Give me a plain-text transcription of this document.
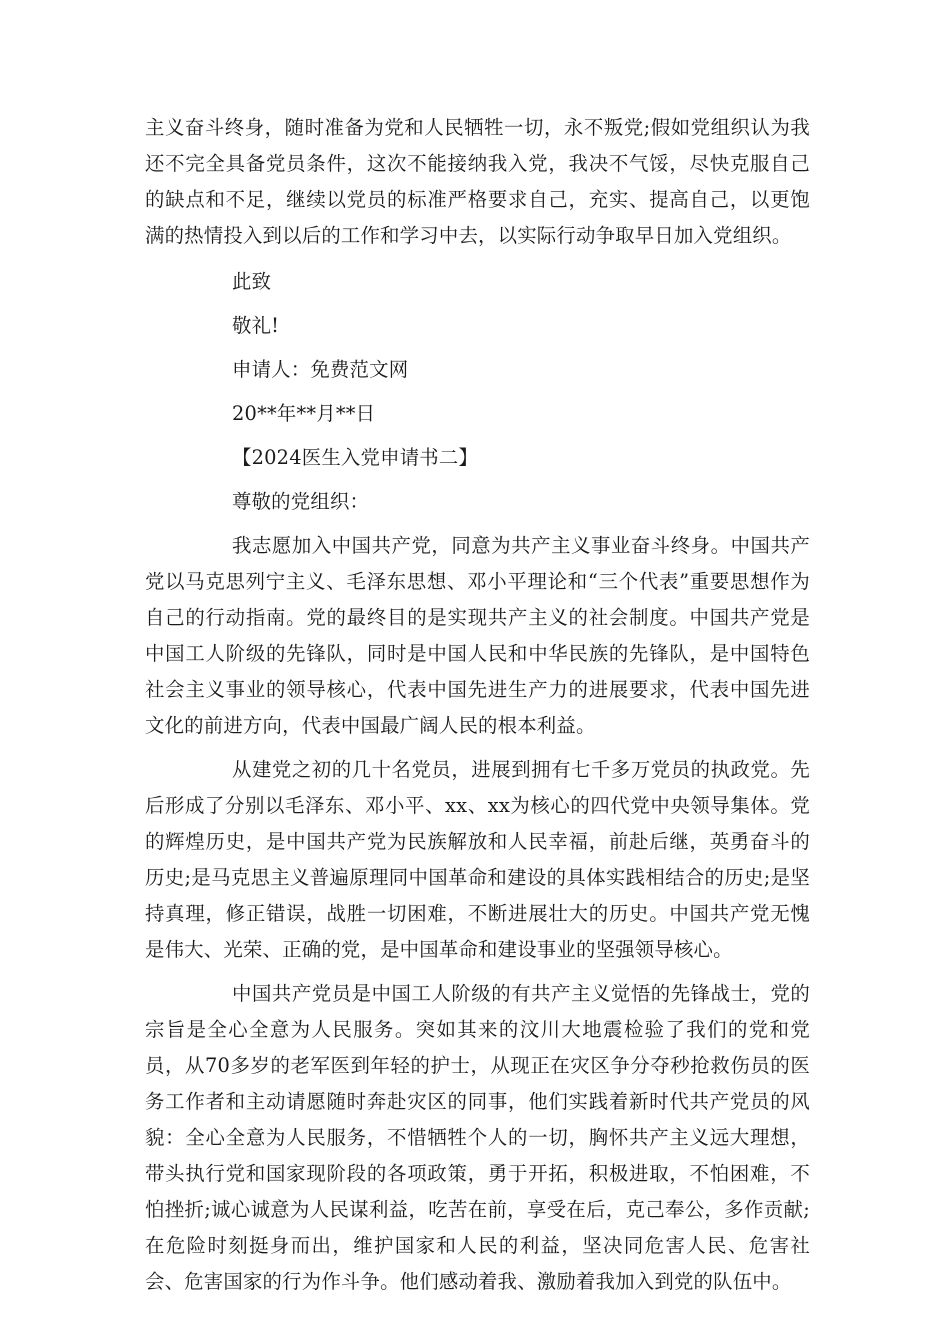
主义奋斗终身，随时准备为党和人民牺牲一切，永不叛党;假如党组织认为我还不完全具备党员条件，这次不能接纳我入党，我决不气馁，尽快克服自己的缺点和不足，继续以党员的标准严格要求自己，充实、提高自己，以更饱满的热情投入到以后的工作和学习中去，以实际行动争取早日加入党组织。

此致

敬礼!

申请人：免费范文网

20**年**月**日

【2024医生入党申请书二】

尊敬的党组织：

我志愿加入中国共产党，同意为共产主义事业奋斗终身。中国共产党以马克思列宁主义、毛泽东思想、邓小平理论和“三个代表”重要思想作为自己的行动指南。党的最终目的是实现共产主义的社会制度。中国共产党是中国工人阶级的先锋队，同时是中国人民和中华民族的先锋队，是中国特色社会主义事业的领导核心，代表中国先进生产力的进展要求，代表中国先进文化的前进方向，代表中国最广阔人民的根本利益。

从建党之初的几十名党员，进展到拥有七千多万党员的执政党。先后形成了分别以毛泽东、邓小平、xx、xx为核心的四代党中央领导集体。党的辉煌历史，是中国共产党为民族解放和人民幸福，前赴后继，英勇奋斗的历史;是马克思主义普遍原理同中国革命和建设的具体实践相结合的历史;是坚持真理，修正错误，战胜一切困难，不断进展壮大的历史。中国共产党无愧是伟大、光荣、正确的党，是中国革命和建设事业的坚强领导核心。

中国共产党员是中国工人阶级的有共产主义觉悟的先锋战士，党的宗旨是全心全意为人民服务。突如其来的汶川大地震检验了我们的党和党员，从70多岁的老军医到年轻的护士，从现正在灾区争分夺秒抢救伤员的医务工作者和主动请愿随时奔赴灾区的同事，他们实践着新时代共产党员的风貌：全心全意为人民服务，不惜牺牲个人的一切，胸怀共产主义远大理想，带头执行党和国家现阶段的各项政策，勇于开拓，积极进取，不怕困难，不怕挫折;诚心诚意为人民谋利益，吃苦在前，享受在后，克己奉公，多作贡献;在危险时刻挺身而出，维护国家和人民的利益，坚决同危害人民、危害社会、危害国家的行为作斗争。他们感动着我、激励着我加入到党的队伍中。
